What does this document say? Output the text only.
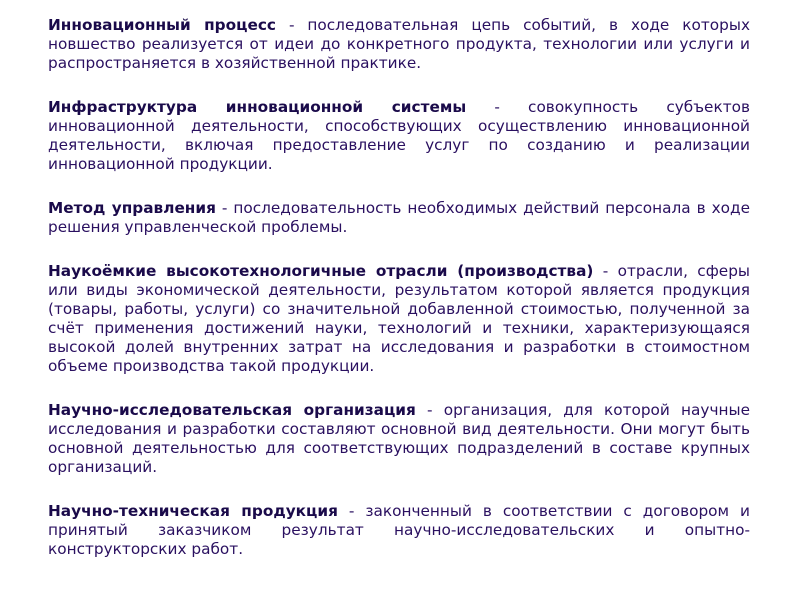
Инновационный процесс - последовательная цепь событий, в ходе которых новшество реализуется от идеи до конкретного продукта, технологии или услуги и распространяется в хозяйственной практике.

Инфраструктура инновационной системы - совокупность субъектов инновационной деятельности, способствующих осуществлению инновационной деятельности, включая предоставление услуг по созданию и реализации инновационной продукции.

Метод управления - последовательность необходимых действий персонала в ходе решения управленческой проблемы.

Наукоёмкие высокотехнологичные отрасли (производства) - отрасли, сферы или виды экономической деятельности, результатом которой является продукция (товары, работы, услуги) со значительной добавленной стоимостью, полученной за счёт применения достижений науки, технологий и техники, характеризующаяся высокой долей внутренних затрат на исследования и разработки в стоимостном объеме производства такой продукции.

Научно-исследовательская организация - организация, для которой научные исследования и разработки составляют основной вид деятельности. Они могут быть основной деятельностью для соответствующих подразделений в составе крупных организаций.

Научно-техническая продукция - законченный в соответствии с договором и принятый заказчиком результат научно-исследовательских и опытно-конструкторских работ.
